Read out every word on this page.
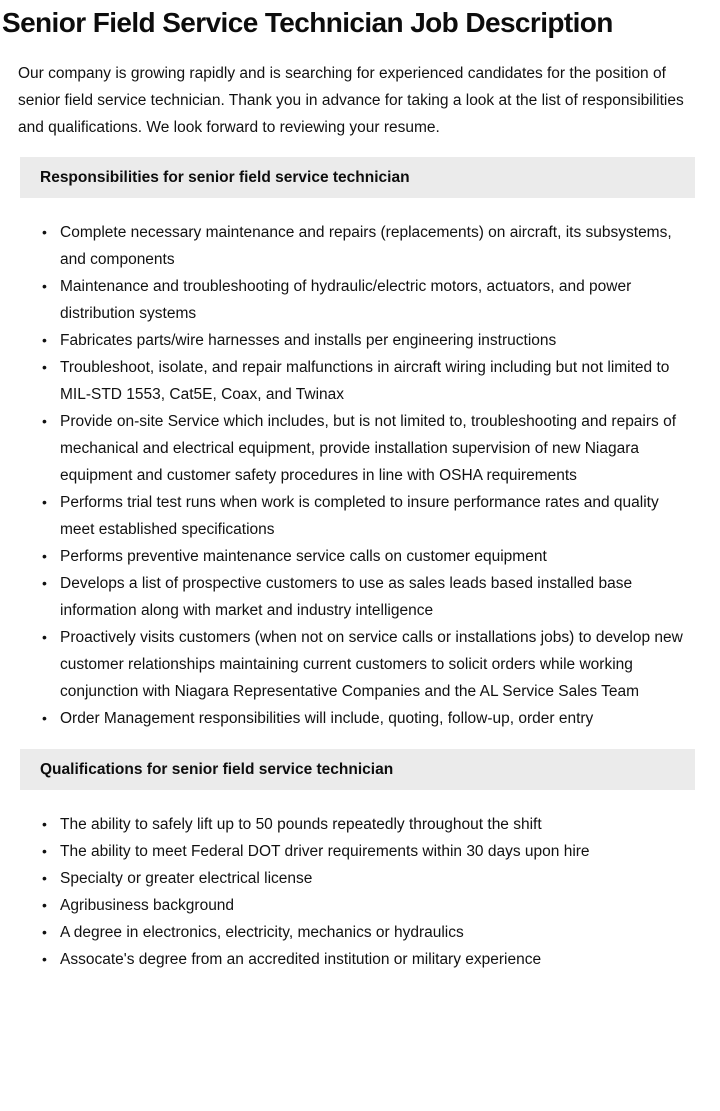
Senior Field Service Technician Job Description

Our company is growing rapidly and is searching for experienced candidates for the position of senior field service technician. Thank you in advance for taking a look at the list of responsibilities and qualifications. We look forward to reviewing your resume.

Responsibilities for senior field service technician
• Complete necessary maintenance and repairs (replacements) on aircraft, its subsystems, and components
• Maintenance and troubleshooting of hydraulic/electric motors, actuators, and power distribution systems
• Fabricates parts/wire harnesses and installs per engineering instructions
• Troubleshoot, isolate, and repair malfunctions in aircraft wiring including but not limited to MIL-STD 1553, Cat5E, Coax, and Twinax
• Provide on-site Service which includes, but is not limited to, troubleshooting and repairs of mechanical and electrical equipment, provide installation supervision of new Niagara equipment and customer safety procedures in line with OSHA requirements
• Performs trial test runs when work is completed to insure performance rates and quality meet established specifications
• Performs preventive maintenance service calls on customer equipment
• Develops a list of prospective customers to use as sales leads based installed base information along with market and industry intelligence
• Proactively visits customers (when not on service calls or installations jobs) to develop new customer relationships maintaining current customers to solicit orders while working conjunction with Niagara Representative Companies and the AL Service Sales Team
• Order Management responsibilities will include, quoting, follow-up, order entry
Qualifications for senior field service technician
• The ability to safely lift up to 50 pounds repeatedly throughout the shift
• The ability to meet Federal DOT driver requirements within 30 days upon hire
• Specialty or greater electrical license
• Agribusiness background
• A degree in electronics, electricity, mechanics or hydraulics
• Assocate's degree from an accredited institution or military experience
